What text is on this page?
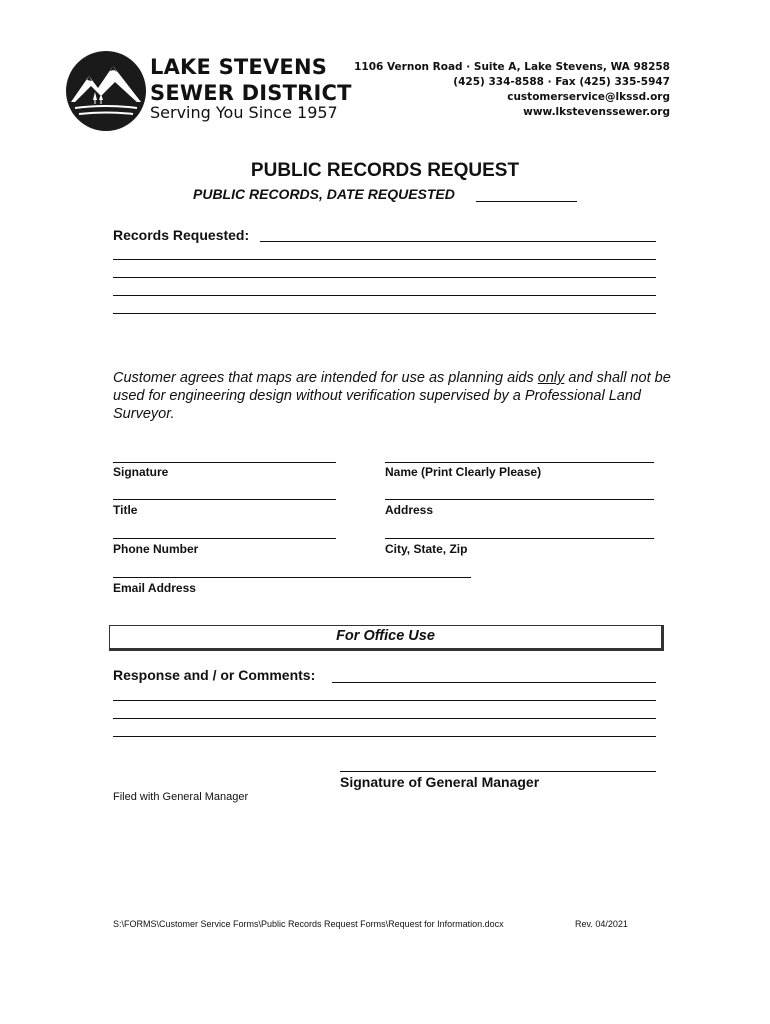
LAKE STEVENS
SEWER DISTRICT
Serving You Since 1957
1106 Vernon Road · Suite A, Lake Stevens, WA 98258
(425) 334-8588 · Fax (425) 335-5947
customerservice@lkssd.org
www.lkstevenssewer.org
PUBLIC RECORDS REQUEST
PUBLIC RECORDS, DATE REQUESTED
Records Requested:
Customer agrees that maps are intended for use as planning aids only and shall not be used for engineering design without verification supervised by a Professional Land Surveyor.
Signature	Name (Print Clearly Please)
Title	Address
Phone Number	City, State, Zip
Email Address
For Office Use
Response and / or Comments:
Signature of General Manager
Filed with General Manager
S:\FORMS\Customer Service Forms\Public Records Request Forms\Request for Information.docx	Rev. 04/2021
